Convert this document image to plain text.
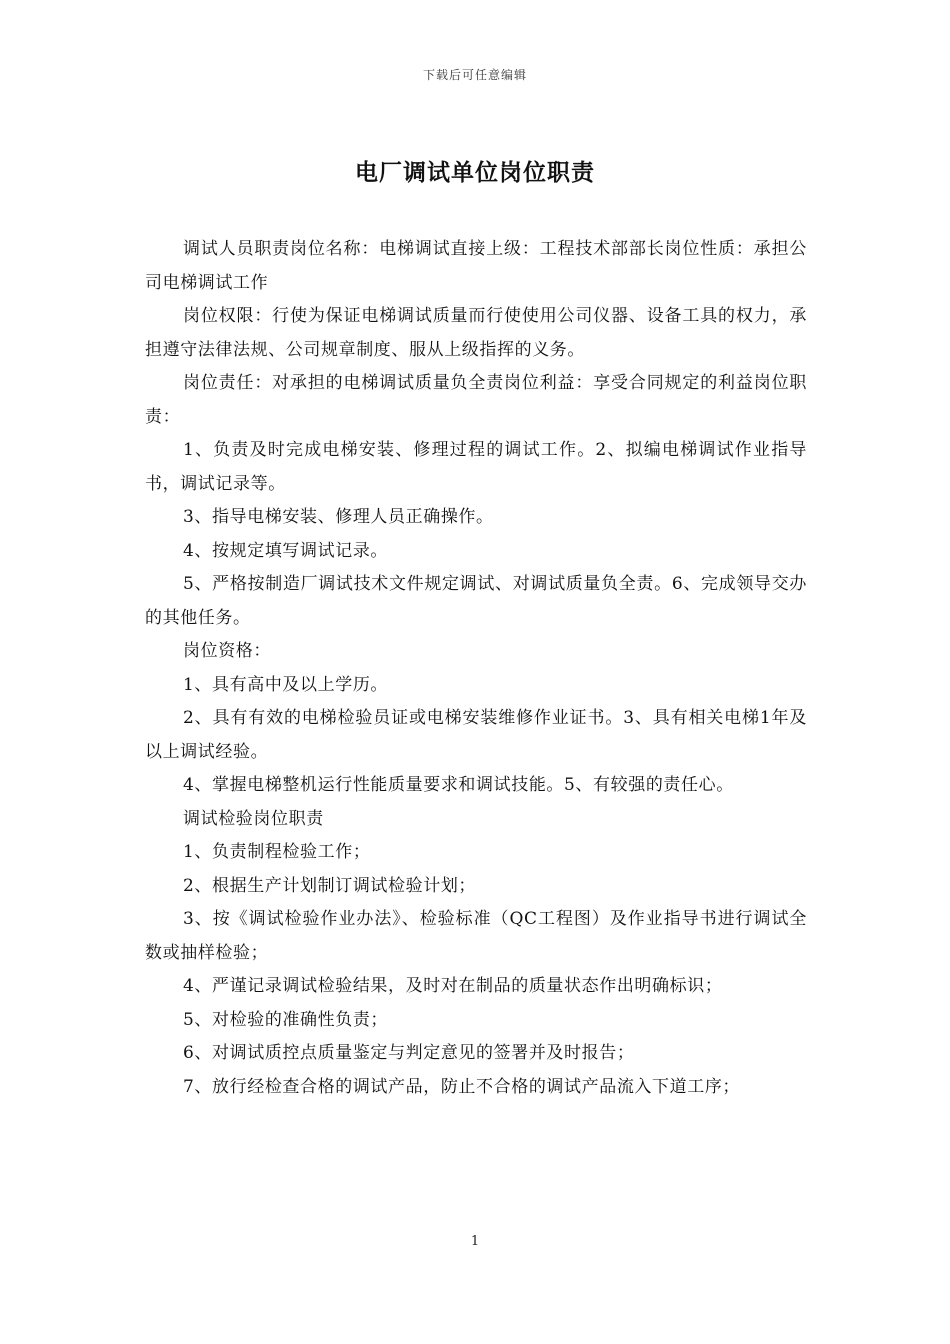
下载后可任意编辑
电厂调试单位岗位职责

调试人员职责岗位名称：电梯调试直接上级：工程技术部部长岗位性质：承担公司电梯调试工作

岗位权限：行使为保证电梯调试质量而行使使用公司仪器、设备工具的权力，承担遵守法律法规、公司规章制度、服从上级指挥的义务。

岗位责任：对承担的电梯调试质量负全责岗位利益：享受合同规定的利益岗位职责：

1、负责及时完成电梯安装、修理过程的调试工作。2、拟编电梯调试作业指导书，调试记录等。

3、指导电梯安装、修理人员正确操作。

4、按规定填写调试记录。

5、严格按制造厂调试技术文件规定调试、对调试质量负全责。6、完成领导交办的其他任务。

岗位资格：

1、具有高中及以上学历。

2、具有有效的电梯检验员证或电梯安装维修作业证书。3、具有相关电梯1年及以上调试经验。

4、掌握电梯整机运行性能质量要求和调试技能。5、有较强的责任心。

调试检验岗位职责

1、负责制程检验工作；

2、根据生产计划制订调试检验计划；

3、按《调试检验作业办法》、检验标准（QC工程图）及作业指导书进行调试全数或抽样检验；

4、严谨记录调试检验结果，及时对在制品的质量状态作出明确标识；

5、对检验的准确性负责；

6、对调试质控点质量鉴定与判定意见的签署并及时报告；

7、放行经检查合格的调试产品，防止不合格的调试产品流入下道工序；

1
